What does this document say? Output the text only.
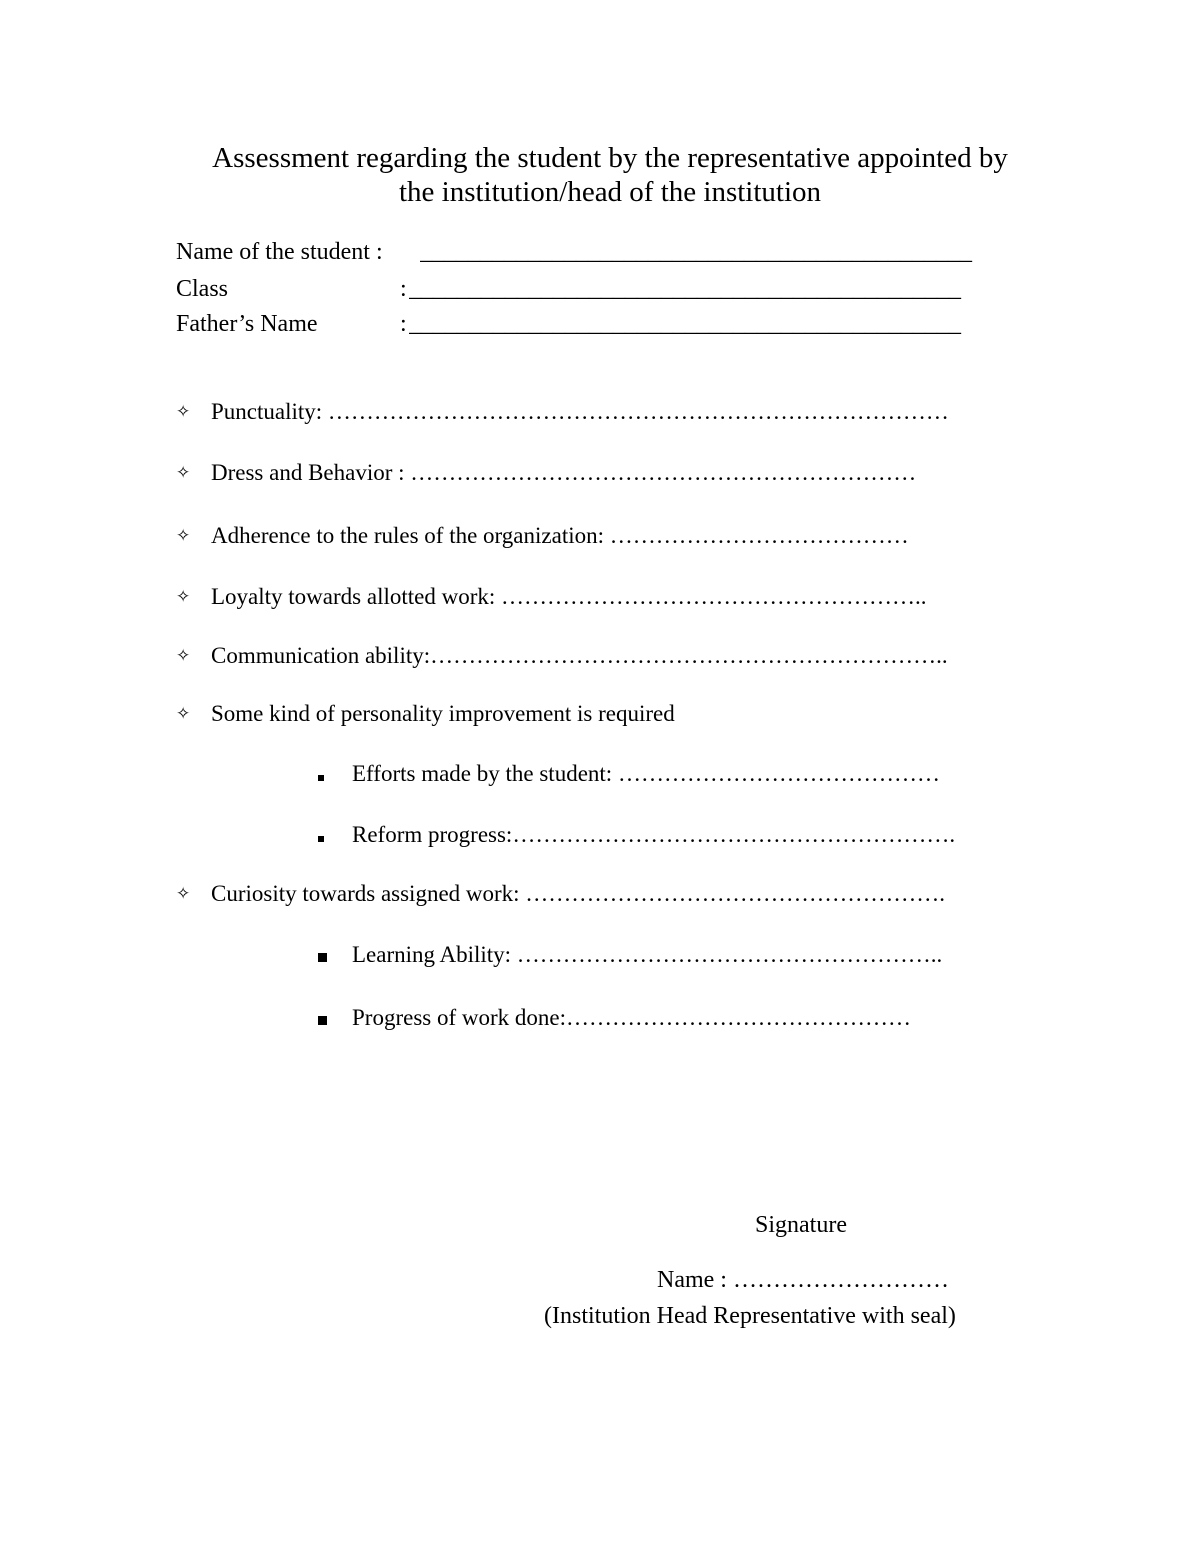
Assessment regarding the student by the representative appointed by
the institution/head of the institution
Name of the student : ______________________________________________
Class	: ______________________________________________
Father’s Name	: ______________________________________________
✧ Punctuality: ………………………………………………………………………
✧ Dress and Behavior : …………………………………………………………
✧ Adherence to the rules of the organization: …………………………………
✧ Loyalty towards allotted work: ………………………………………………..
✧ Communication ability:…………………………………………………………..
✧ Some kind of personality improvement is required
Efforts made by the student: ……………………………………
Reform progress:………………………………………………….
✧ Curiosity towards assigned work: ……………………………………………….
Learning Ability: ………………………………………………..
Progress of work done:………………………………………
Signature
Name : ………………………
(Institution Head Representative with seal)
